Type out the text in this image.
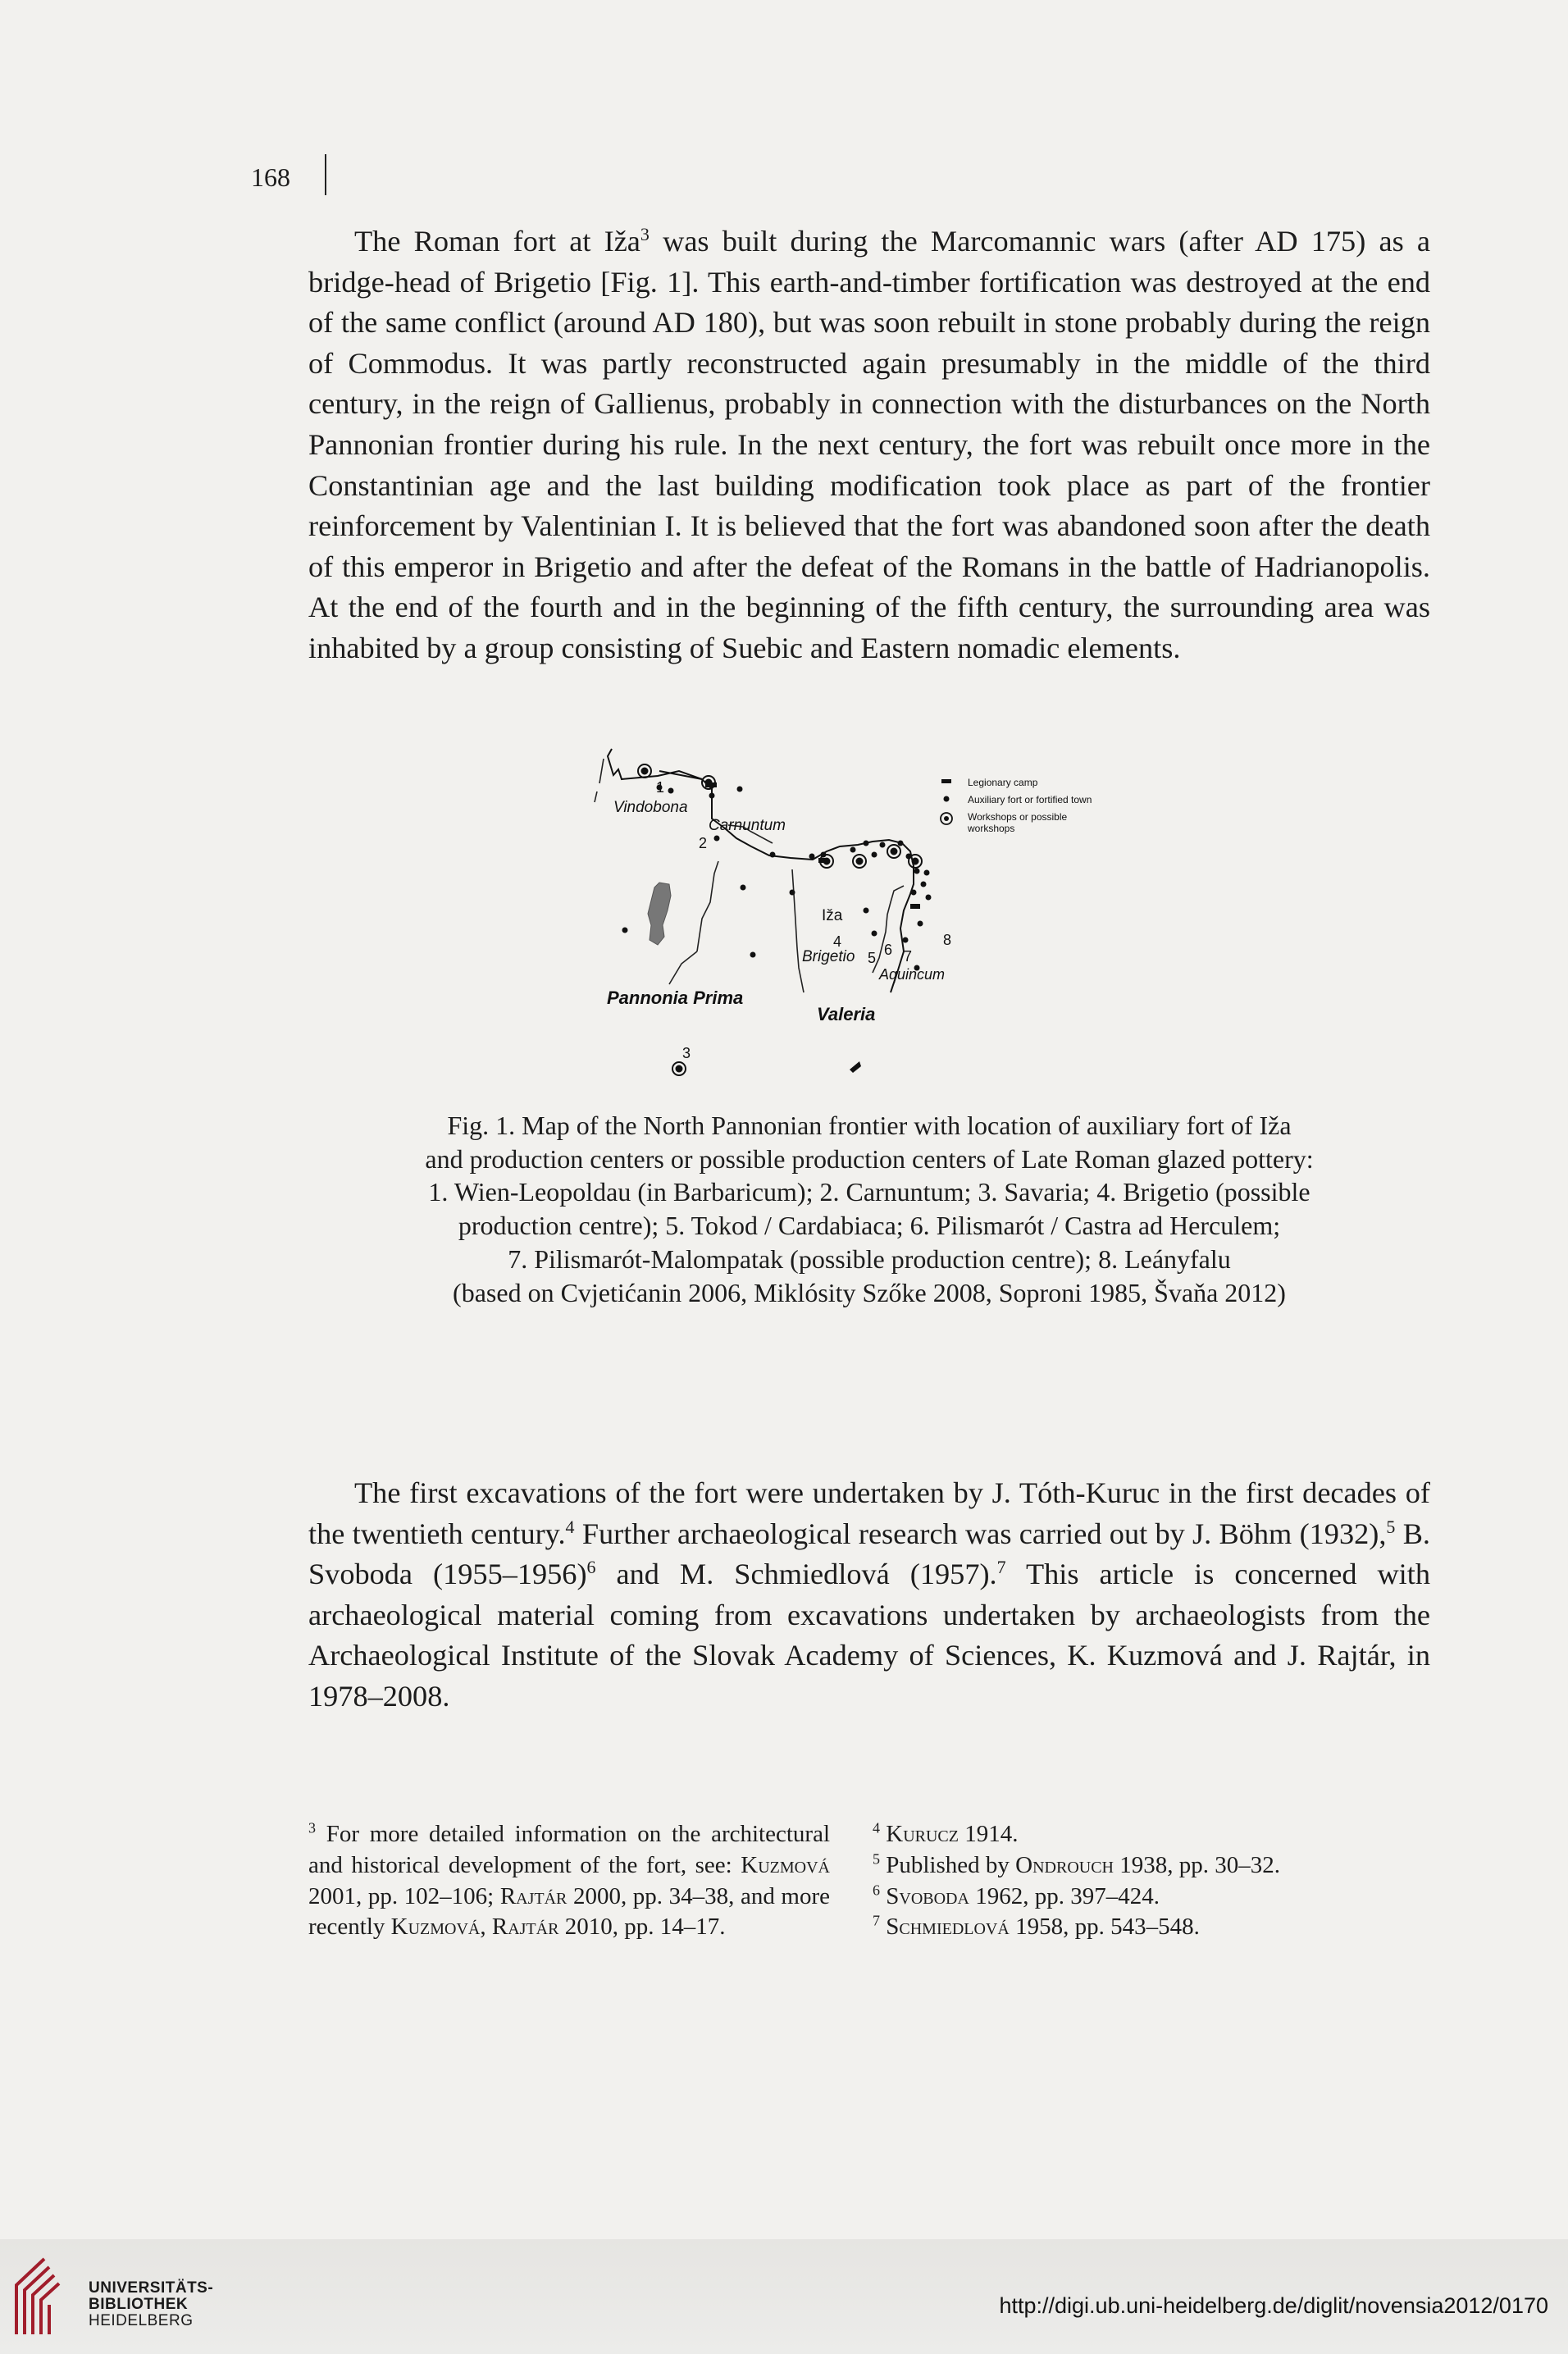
168

The Roman fort at Iža$^3$ was built during the Marcomannic wars (after AD 175) as a bridge-head of Brigetio [Fig. 1]. This earth-and-timber fortification was destroyed at the end of the same conflict (around AD 180), but was soon rebuilt in stone probably during the reign of Commodus. It was partly reconstructed again presumably in the middle of the third century, in the reign of Gallienus, probably in connection with the disturbances on the North Pannonian frontier during his rule. In the next century, the fort was rebuilt once more in the Constantinian age and the last building modification took place as part of the frontier reinforcement by Valentinian I. It is believed that the fort was abandoned soon after the death of this emperor in Brigetio and after the defeat of the Romans in the battle of Hadrianopolis. At the end of the fourth and in the beginning of the fifth century, the surrounding area was inhabited by a group consisting of Suebic and Eastern nomadic elements.

Vindobona
Carnuntum
Iža
Brigetio
Aquincum
Pannonia Prima
Valeria
1
2
3
4
5 6 7
8
Legionary camp
Auxiliary fort or fortified town
Workshops or possible
workshops
Fig. 1. Map of the North Pannonian frontier with location of auxiliary fort of Iža
and production centers or possible production centers of Late Roman glazed pottery:
1. Wien-Leopoldau (in Barbaricum); 2. Carnuntum; 3. Savaria; 4. Brigetio (possible
production centre); 5. Tokod / Cardabiaca; 6. Pilismarót / Castra ad Herculem;
7. Pilismarót-Malompatak (possible production centre); 8. Leányfalu
(based on Cvjetićanin 2006, Miklósity Szőke 2008, Soproni 1985, Švaňa 2012)

The first excavations of the fort were undertaken by J. Tóth-Kuruc in the first decades of the twentieth century.$^4$ Further archaeological research was carried out by J. Böhm (1932),$^5$ B. Svoboda (1955–1956)$^6$ and M. Schmiedlová (1957).$^7$ This article is concerned with archaeological material coming from excavations undertaken by archaeologists from the Archaeological Institute of the Slovak Academy of Sciences, K. Kuzmová and J. Rajtár, in 1978–2008.

$^3$ For more detailed information on the architectural and historical development of the fort, see: Kuzmová 2001, pp. 102–106; Rajtár 2000, pp. 34–38, and more recently Kuzmová, Rajtár 2010, pp. 14–17.

$^4$ Kurucz 1914.

$^5$ Published by Ondrouch 1938, pp. 30–32.

$^6$ Svoboda 1962, pp. 397–424.

$^7$ Schmiedlová 1958, pp. 543–548.

UNIVERSITÄTS-
BIBLIOTHEK
HEIDELBERG
http://digi.ub.uni-heidelberg.de/diglit/novensia2012/0170
